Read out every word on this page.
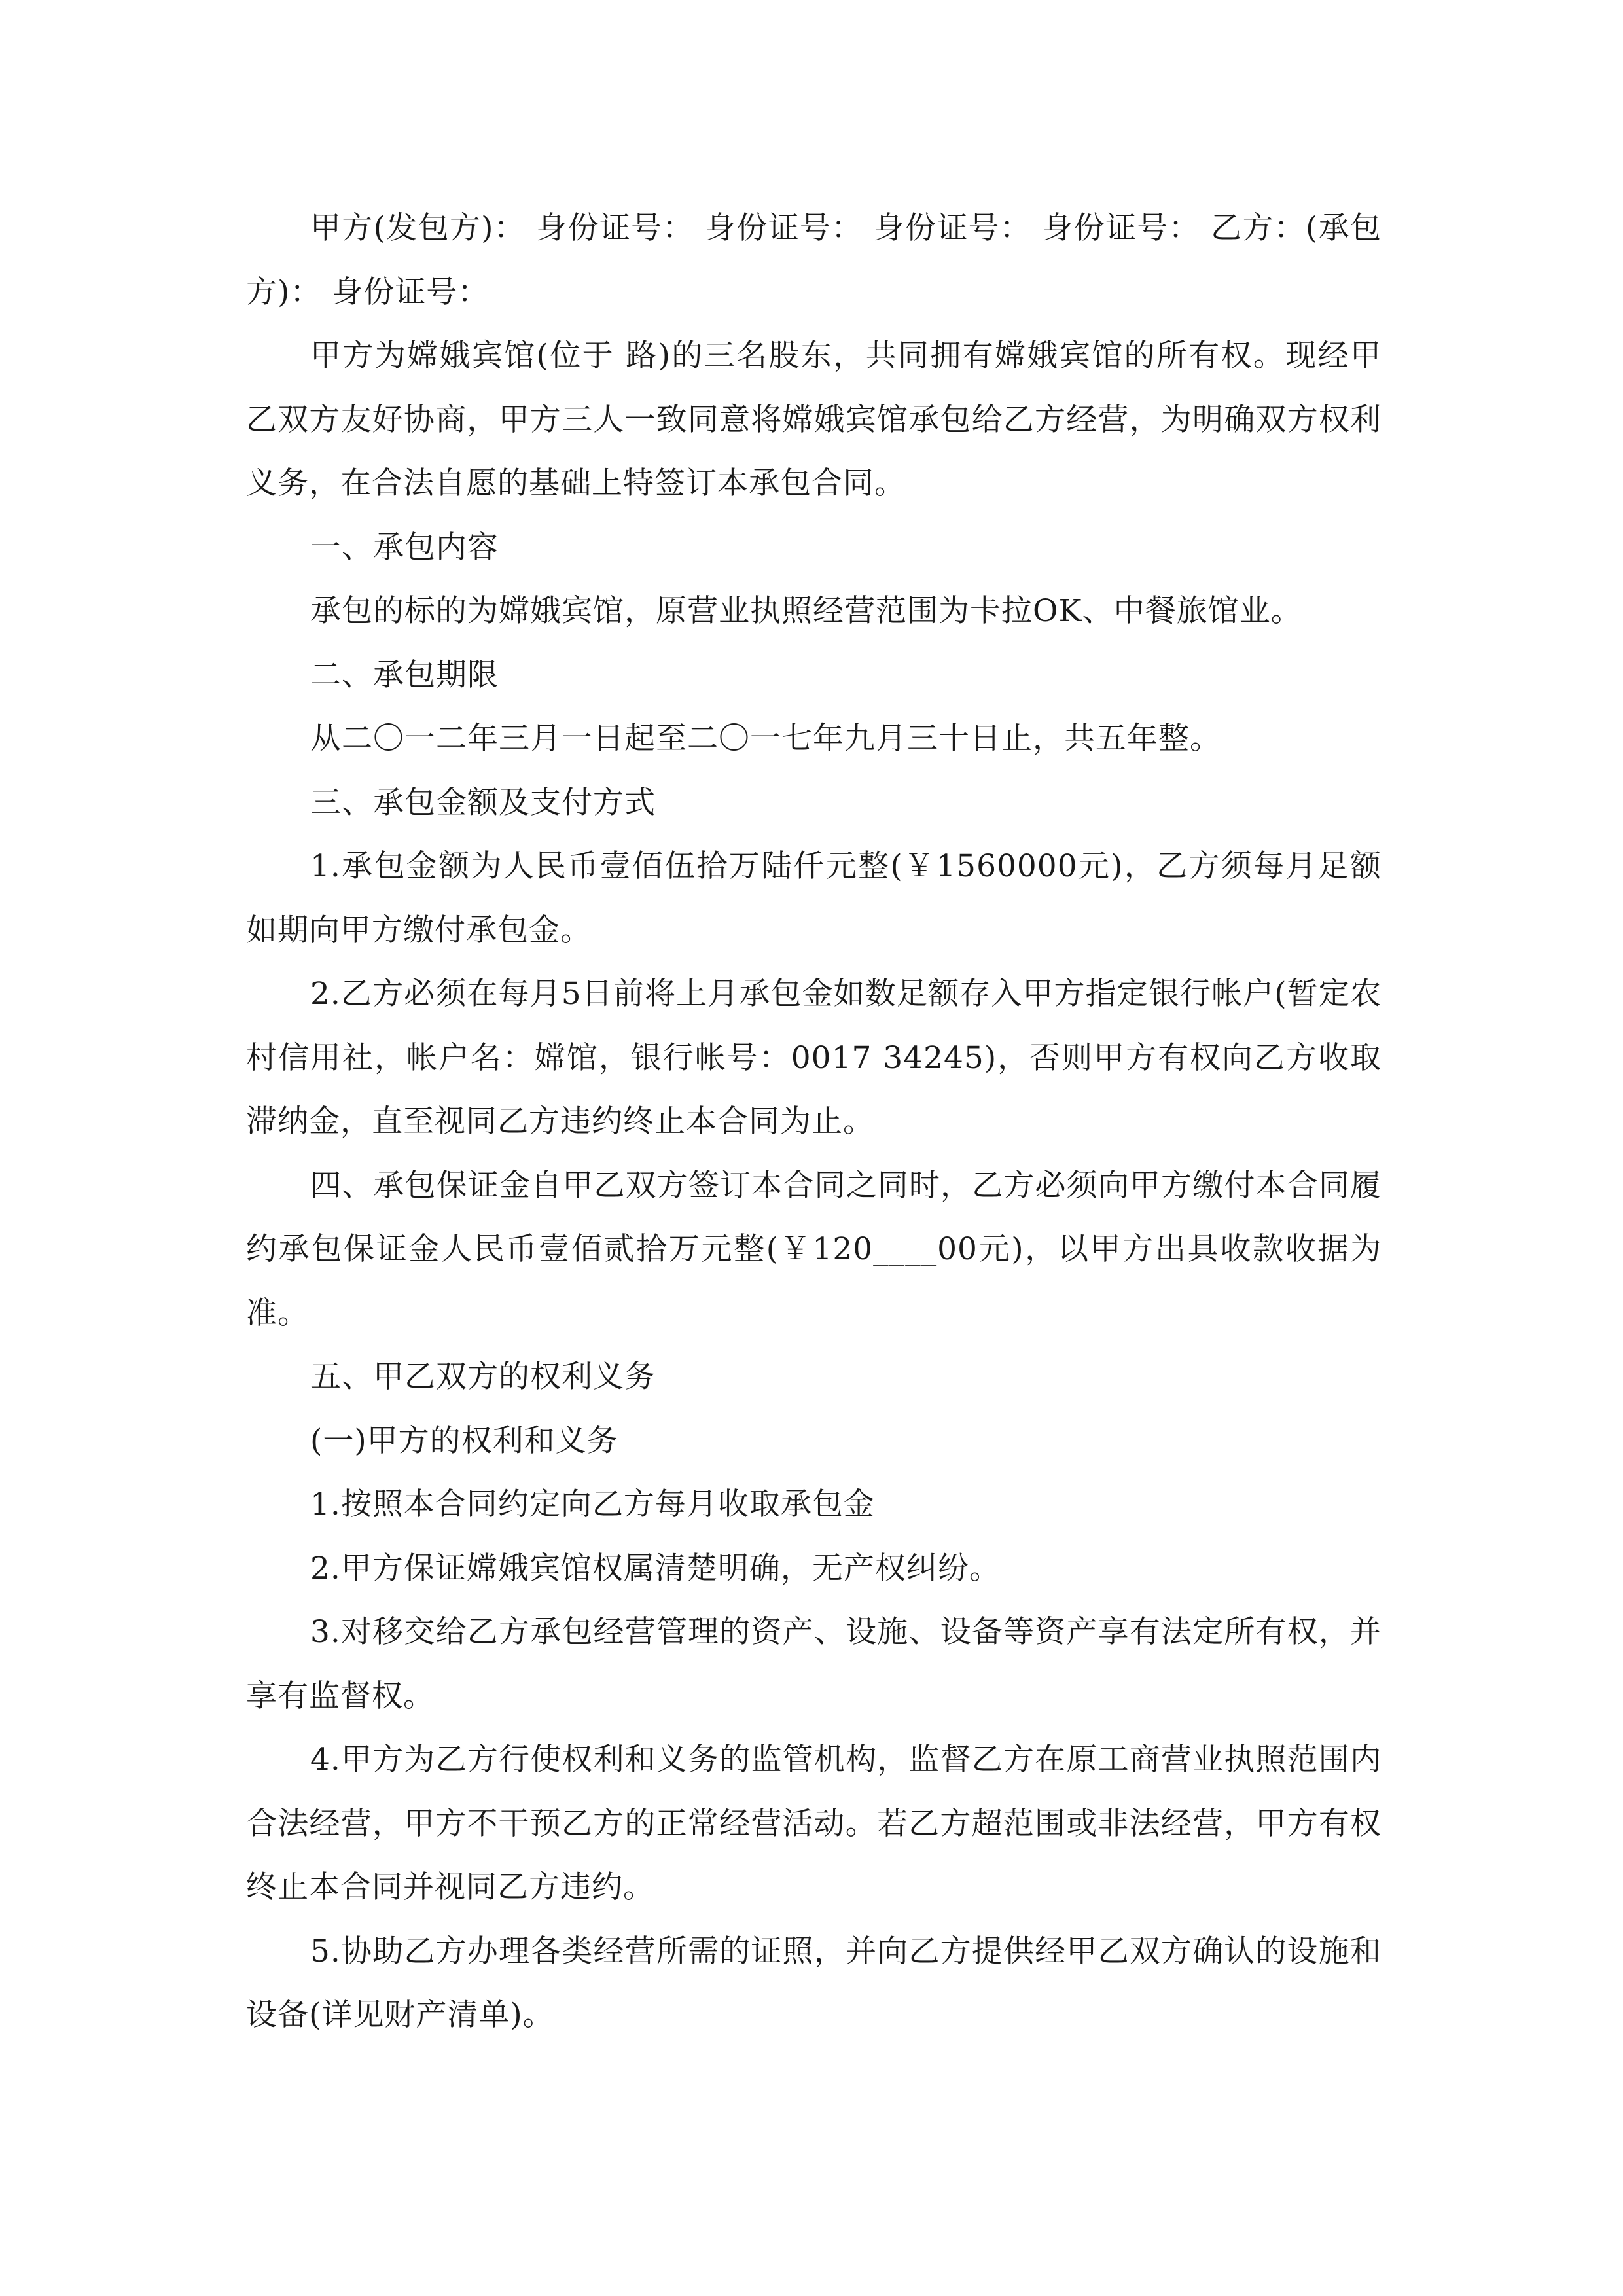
甲方(发包方)： 身份证号： 身份证号： 身份证号： 身份证号： 乙方：(承包方)： 身份证号：

甲方为嫦娥宾馆(位于 路)的三名股东，共同拥有嫦娥宾馆的所有权。现经甲乙双方友好协商，甲方三人一致同意将嫦娥宾馆承包给乙方经营，为明确双方权利义务，在合法自愿的基础上特签订本承包合同。

一、承包内容

承包的标的为嫦娥宾馆，原营业执照经营范围为卡拉OK、中餐旅馆业。

二、承包期限

从二〇一二年三月一日起至二〇一七年九月三十日止，共五年整。

三、承包金额及支付方式

1.承包金额为人民币壹佰伍拾万陆仟元整(￥1560000元)，乙方须每月足额如期向甲方缴付承包金。

2.乙方必须在每月5日前将上月承包金如数足额存入甲方指定银行帐户(暂定农村信用社，帐户名：嫦馆，银行帐号：0017 34245)，否则甲方有权向乙方收取滞纳金，直至视同乙方违约终止本合同为止。

四、承包保证金自甲乙双方签订本合同之同时，乙方必须向甲方缴付本合同履约承包保证金人民币壹佰贰拾万元整(￥120____00元)，以甲方出具收款收据为准。

五、甲乙双方的权利义务

(一)甲方的权利和义务

1.按照本合同约定向乙方每月收取承包金

2.甲方保证嫦娥宾馆权属清楚明确，无产权纠纷。

3.对移交给乙方承包经营管理的资产、设施、设备等资产享有法定所有权，并享有监督权。

4.甲方为乙方行使权利和义务的监管机构，监督乙方在原工商营业执照范围内合法经营，甲方不干预乙方的正常经营活动。若乙方超范围或非法经营，甲方有权终止本合同并视同乙方违约。

5.协助乙方办理各类经营所需的证照，并向乙方提供经甲乙双方确认的设施和设备(详见财产清单)。
